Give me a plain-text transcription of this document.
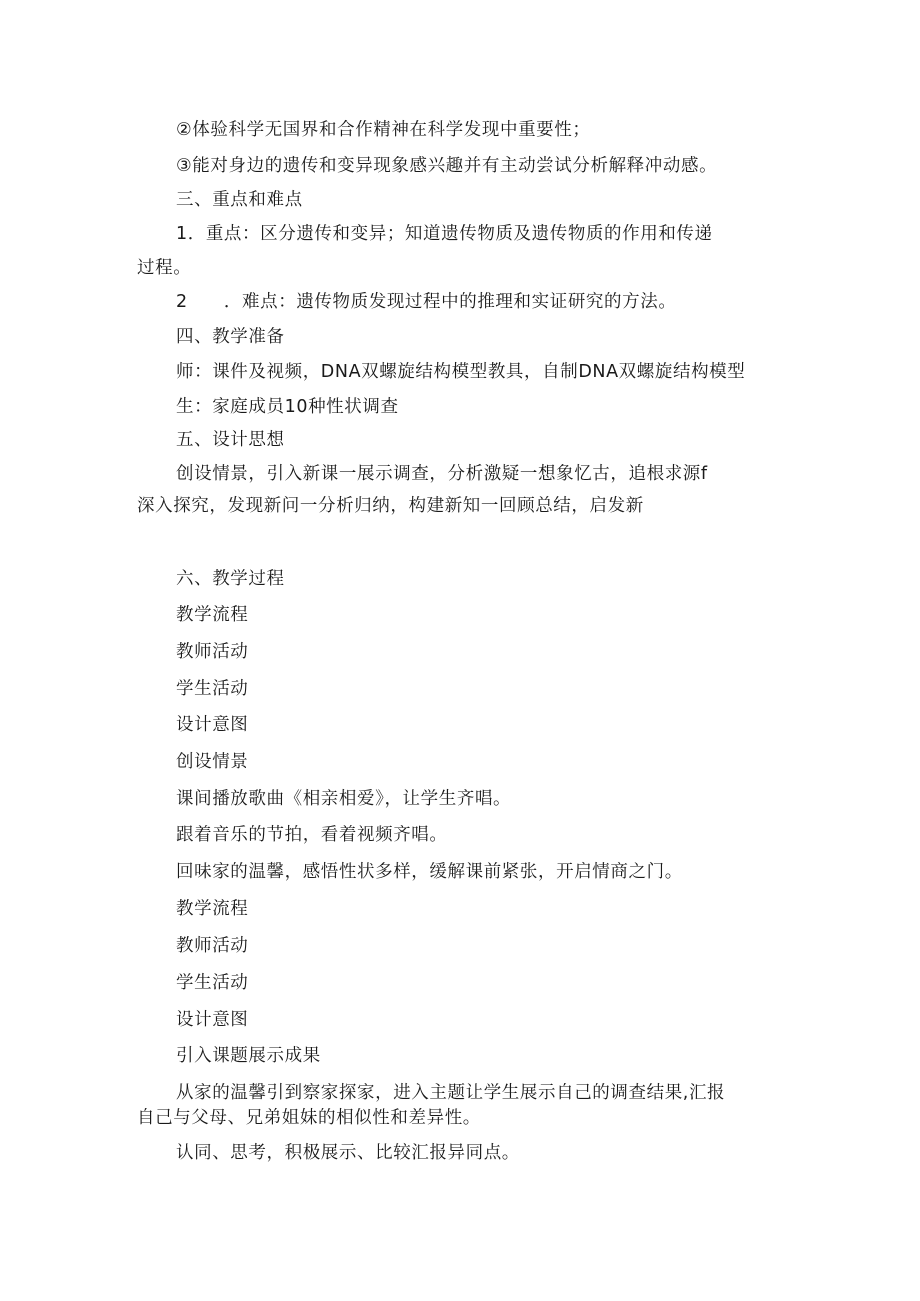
②体验科学无国界和合作精神在科学发现中重要性；
③能对身边的遗传和变异现象感兴趣并有主动尝试分析解释冲动感。
三、重点和难点
1．重点：区分遗传和变异；知道遗传物质及遗传物质的作用和传递
过程。
2　　．难点：遗传物质发现过程中的推理和实证研究的方法。
四、教学准备
师：课件及视频，DNA双螺旋结构模型教具，自制DNA双螺旋结构模型
生：家庭成员10种性状调查
五、设计思想
创设情景，引入新课一展示调查，分析激疑一想象忆古，追根求源f
深入探究，发现新问一分析归纳，构建新知一回顾总结，启发新
六、教学过程
教学流程
教师活动
学生活动
设计意图
创设情景
课间播放歌曲《相亲相爱》，让学生齐唱。
跟着音乐的节拍，看着视频齐唱。
回味家的温馨，感悟性状多样，缓解课前紧张，开启情商之门。
教学流程
教师活动
学生活动
设计意图
引入课题展示成果
从家的温馨引到察家探家，进入主题让学生展示自己的调查结果,汇报
自己与父母、兄弟姐妹的相似性和差异性。
认同、思考，积极展示、比较汇报异同点。
